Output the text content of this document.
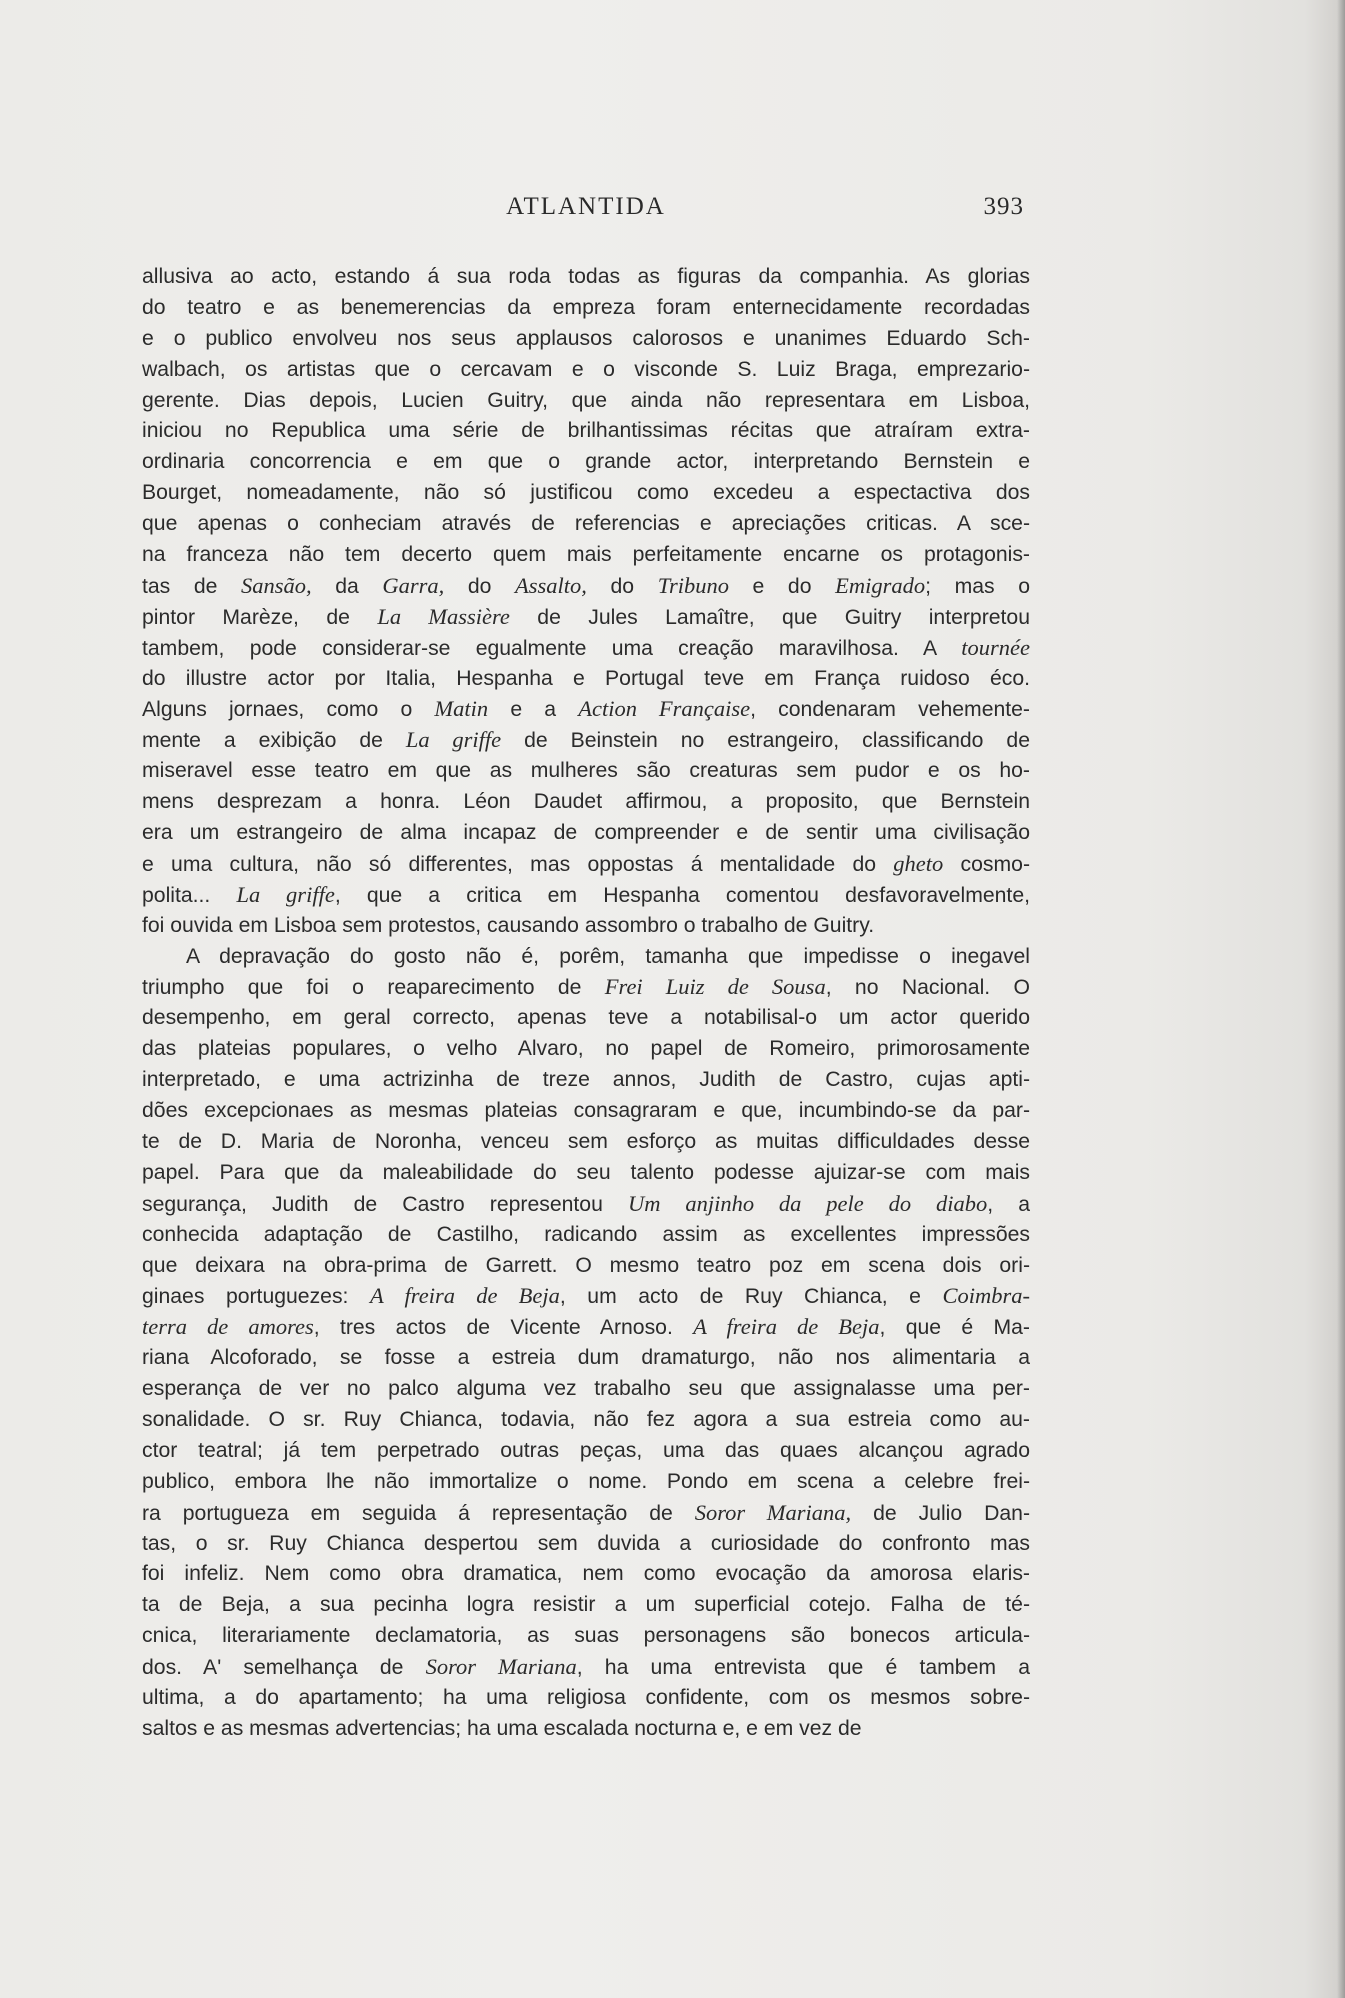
ATLANTIDA	393
allusiva ao acto, estando á sua roda todas as figuras da companhia. As glorias
do teatro e as benemerencias da empreza foram enternecidamente recordadas
e o publico envolveu nos seus applausos calorosos e unanimes Eduardo Sch-
walbach, os artistas que o cercavam e o visconde S. Luiz Braga, emprezario-
gerente. Dias depois, Lucien Guitry, que ainda não representara em Lisboa,
iniciou no Republica uma série de brilhantissimas récitas que atraíram extra-
ordinaria concorrencia e em que o grande actor, interpretando Bernstein e
Bourget, nomeadamente, não só justificou como excedeu a espectactiva dos
que apenas o conheciam através de referencias e apreciações criticas. A sce-
na franceza não tem decerto quem mais perfeitamente encarne os protagonis-
tas de Sansão, da Garra, do Assalto, do Tribuno e do Emigrado; mas o
pintor Marèze, de La Massière de Jules Lamaître, que Guitry interpretou
tambem, pode considerar-se egualmente uma creação maravilhosa. A tournée
do illustre actor por Italia, Hespanha e Portugal teve em França ruidoso éco.
Alguns jornaes, como o Matin e a Action Française, condenaram vehemente-
mente a exibição de La griffe de Beinstein no estrangeiro, classificando de
miseravel esse teatro em que as mulheres são creaturas sem pudor e os ho-
mens desprezam a honra. Léon Daudet affirmou, a proposito, que Bernstein
era um estrangeiro de alma incapaz de compreender e de sentir uma civilisação
e uma cultura, não só differentes, mas oppostas á mentalidade do gheto cosmo-
polita... La griffe, que a critica em Hespanha comentou desfavoravelmente,
foi ouvida em Lisboa sem protestos, causando assombro o trabalho de Guitry.
A depravação do gosto não é, porêm, tamanha que impedisse o inegavel
triumpho que foi o reaparecimento de Frei Luiz de Sousa, no Nacional. O
desempenho, em geral correcto, apenas teve a notabilisal-o um actor querido
das plateias populares, o velho Alvaro, no papel de Romeiro, primorosamente
interpretado, e uma actrizinha de treze annos, Judith de Castro, cujas apti-
dões excepcionaes as mesmas plateias consagraram e que, incumbindo-se da par-
te de D. Maria de Noronha, venceu sem esforço as muitas difficuldades desse
papel. Para que da maleabilidade do seu talento podesse ajuizar-se com mais
segurança, Judith de Castro representou Um anjinho da pele do diabo, a
conhecida adaptação de Castilho, radicando assim as excellentes impressões
que deixara na obra-prima de Garrett. O mesmo teatro poz em scena dois ori-
ginaes portuguezes: A freira de Beja, um acto de Ruy Chianca, e Coimbra-
terra de amores, tres actos de Vicente Arnoso. A freira de Beja, que é Ma-
riana Alcoforado, se fosse a estreia dum dramaturgo, não nos alimentaria a
esperança de ver no palco alguma vez trabalho seu que assignalasse uma per-
sonalidade. O sr. Ruy Chianca, todavia, não fez agora a sua estreia como au-
ctor teatral; já tem perpetrado outras peças, uma das quaes alcançou agrado
publico, embora lhe não immortalize o nome. Pondo em scena a celebre frei-
ra portugueza em seguida á representação de Soror Mariana, de Julio Dan-
tas, o sr. Ruy Chianca despertou sem duvida a curiosidade do confronto mas
foi infeliz. Nem como obra dramatica, nem como evocação da amorosa elaris-
ta de Beja, a sua pecinha logra resistir a um superficial cotejo. Falha de té-
cnica, literariamente declamatoria, as suas personagens são bonecos articula-
dos. A' semelhança de Soror Mariana, ha uma entrevista que é tambem a
ultima, a do apartamento; ha uma religiosa confidente, com os mesmos sobre-
saltos e as mesmas advertencias; ha uma escalada nocturna e, e em vez de
